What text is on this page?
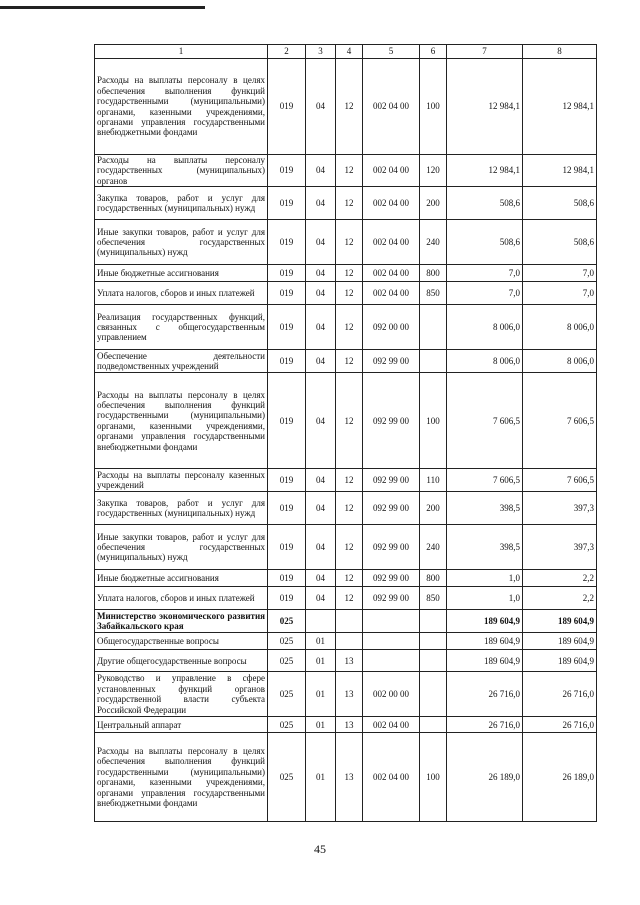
1	2	3	4	5	6	7	8
Расходы на выплаты персоналу в целях обеспечения выполнения функций государственными (муниципальными) органами, казенными учреждениями, органами управления государственными внебюджетными фондами	019	04	12	002 04 00	100	12 984,1	12 984,1
Расходы на выплаты персоналу государственных (муниципальных) органов	019	04	12	002 04 00	120	12 984,1	12 984,1
Закупка товаров, работ и услуг для государственных (муниципальных) нужд	019	04	12	002 04 00	200	508,6	508,6
Иные закупки товаров, работ и услуг для обеспечения государственных (муниципальных) нужд	019	04	12	002 04 00	240	508,6	508,6
Иные бюджетные ассигнования	019	04	12	002 04 00	800	7,0	7,0
Уплата налогов, сборов и иных платежей	019	04	12	002 04 00	850	7,0	7,0
Реализация государственных функций, связанных с общегосударственным управлением	019	04	12	092 00 00		8 006,0	8 006,0
Обеспечение деятельности подведомственных учреждений	019	04	12	092 99 00		8 006,0	8 006,0
Расходы на выплаты персоналу в целях обеспечения выполнения функций государственными (муниципальными) органами, казенными учреждениями, органами управления государственными внебюджетными фондами	019	04	12	092 99 00	100	7 606,5	7 606,5
Расходы на выплаты персоналу казенных учреждений	019	04	12	092 99 00	110	7 606,5	7 606,5
Закупка товаров, работ и услуг для государственных (муниципальных) нужд	019	04	12	092 99 00	200	398,5	397,3
Иные закупки товаров, работ и услуг для обеспечения государственных (муниципальных) нужд	019	04	12	092 99 00	240	398,5	397,3
Иные бюджетные ассигнования	019	04	12	092 99 00	800	1,0	2,2
Уплата налогов, сборов и иных платежей	019	04	12	092 99 00	850	1,0	2,2
Министерство экономического развития Забайкальского края	025					189 604,9	189 604,9
Общегосударственные вопросы	025	01				189 604,9	189 604,9
Другие общегосударственные вопросы	025	01	13			189 604,9	189 604,9
Руководство и управление в сфере установленных функций органов государственной власти субъекта Российской Федерации	025	01	13	002 00 00		26 716,0	26 716,0
Центральный аппарат	025	01	13	002 04 00		26 716,0	26 716,0
Расходы на выплаты персоналу в целях обеспечения выполнения функций государственными (муниципальными) органами, казенными учреждениями, органами управления государственными внебюджетными фондами	025	01	13	002 04 00	100	26 189,0	26 189,0
45
